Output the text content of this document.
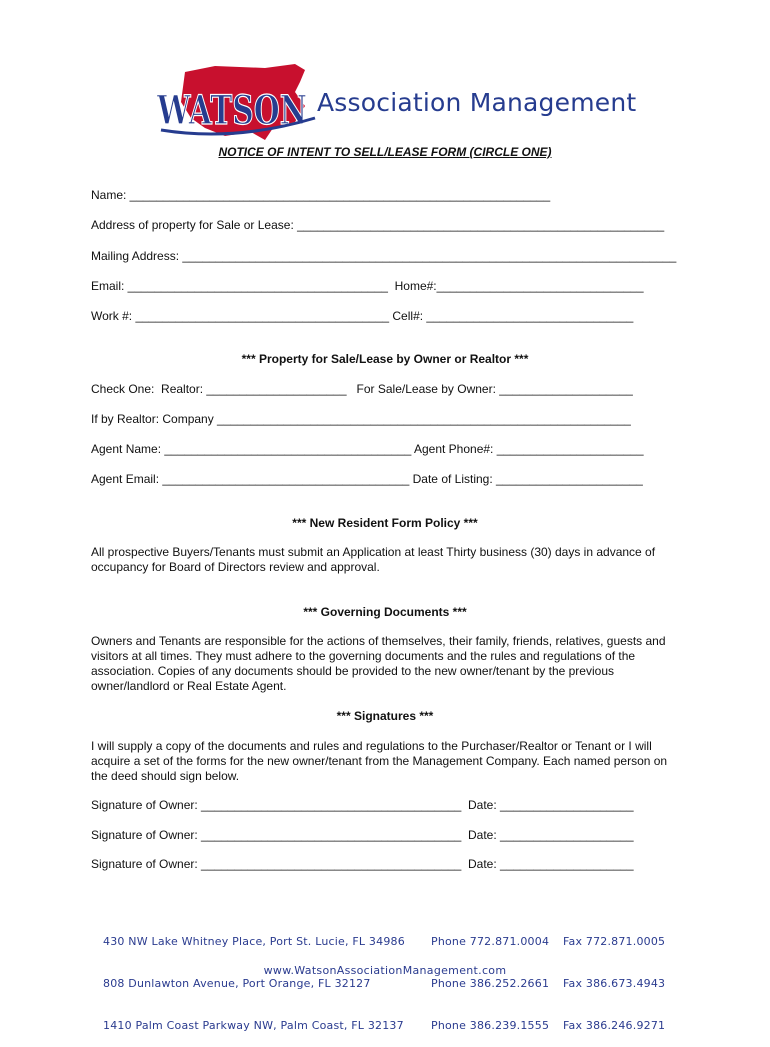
WATSON Association Management
NOTICE OF INTENT TO SELL/LEASE FORM (CIRCLE ONE)
Name: _______________________________________________________________
Address of property for Sale or Lease: _______________________________________________________
Mailing Address: __________________________________________________________________________
Email: _______________________________________  Home#:_______________________________
Work #: ______________________________________ Cell#: _______________________________
*** Property for Sale/Lease by Owner or Realtor ***
Check One:  Realtor: _____________________   For Sale/Lease by Owner: ____________________
If by Realtor: Company ______________________________________________________________
Agent Name: _____________________________________ Agent Phone#: ______________________
Agent Email: _____________________________________ Date of Listing: ______________________
*** New Resident Form Policy ***
All prospective Buyers/Tenants must submit an Application at least Thirty business (30) days in advance of occupancy for Board of Directors review and approval.
*** Governing Documents ***
Owners and Tenants are responsible for the actions of themselves, their family, friends, relatives, guests and visitors at all times. They must adhere to the governing documents and the rules and regulations of the association. Copies of any documents should be provided to the new owner/tenant by the previous owner/landlord or Real Estate Agent.
*** Signatures ***
I will supply a copy of the documents and rules and regulations to the Purchaser/Realtor or Tenant or I will acquire a set of the forms for the new owner/tenant from the Management Company. Each named person on the deed should sign below.
Signature of Owner: _______________________________________  Date: ____________________
Signature of Owner: _______________________________________  Date: ____________________
Signature of Owner: _______________________________________  Date: ____________________

430 NW Lake Whitney Place, Port St. Lucie, FL 34986

808 Dunlawton Avenue, Port Orange, FL 32127

1410 Palm Coast Parkway NW, Palm Coast, FL 32137

Phone 772.871.0004

Phone 386.252.2661

Phone 386.239.1555

Fax 772.871.0005

Fax 386.673.4943

Fax 386.246.9271

www.WatsonAssociationManagement.com
